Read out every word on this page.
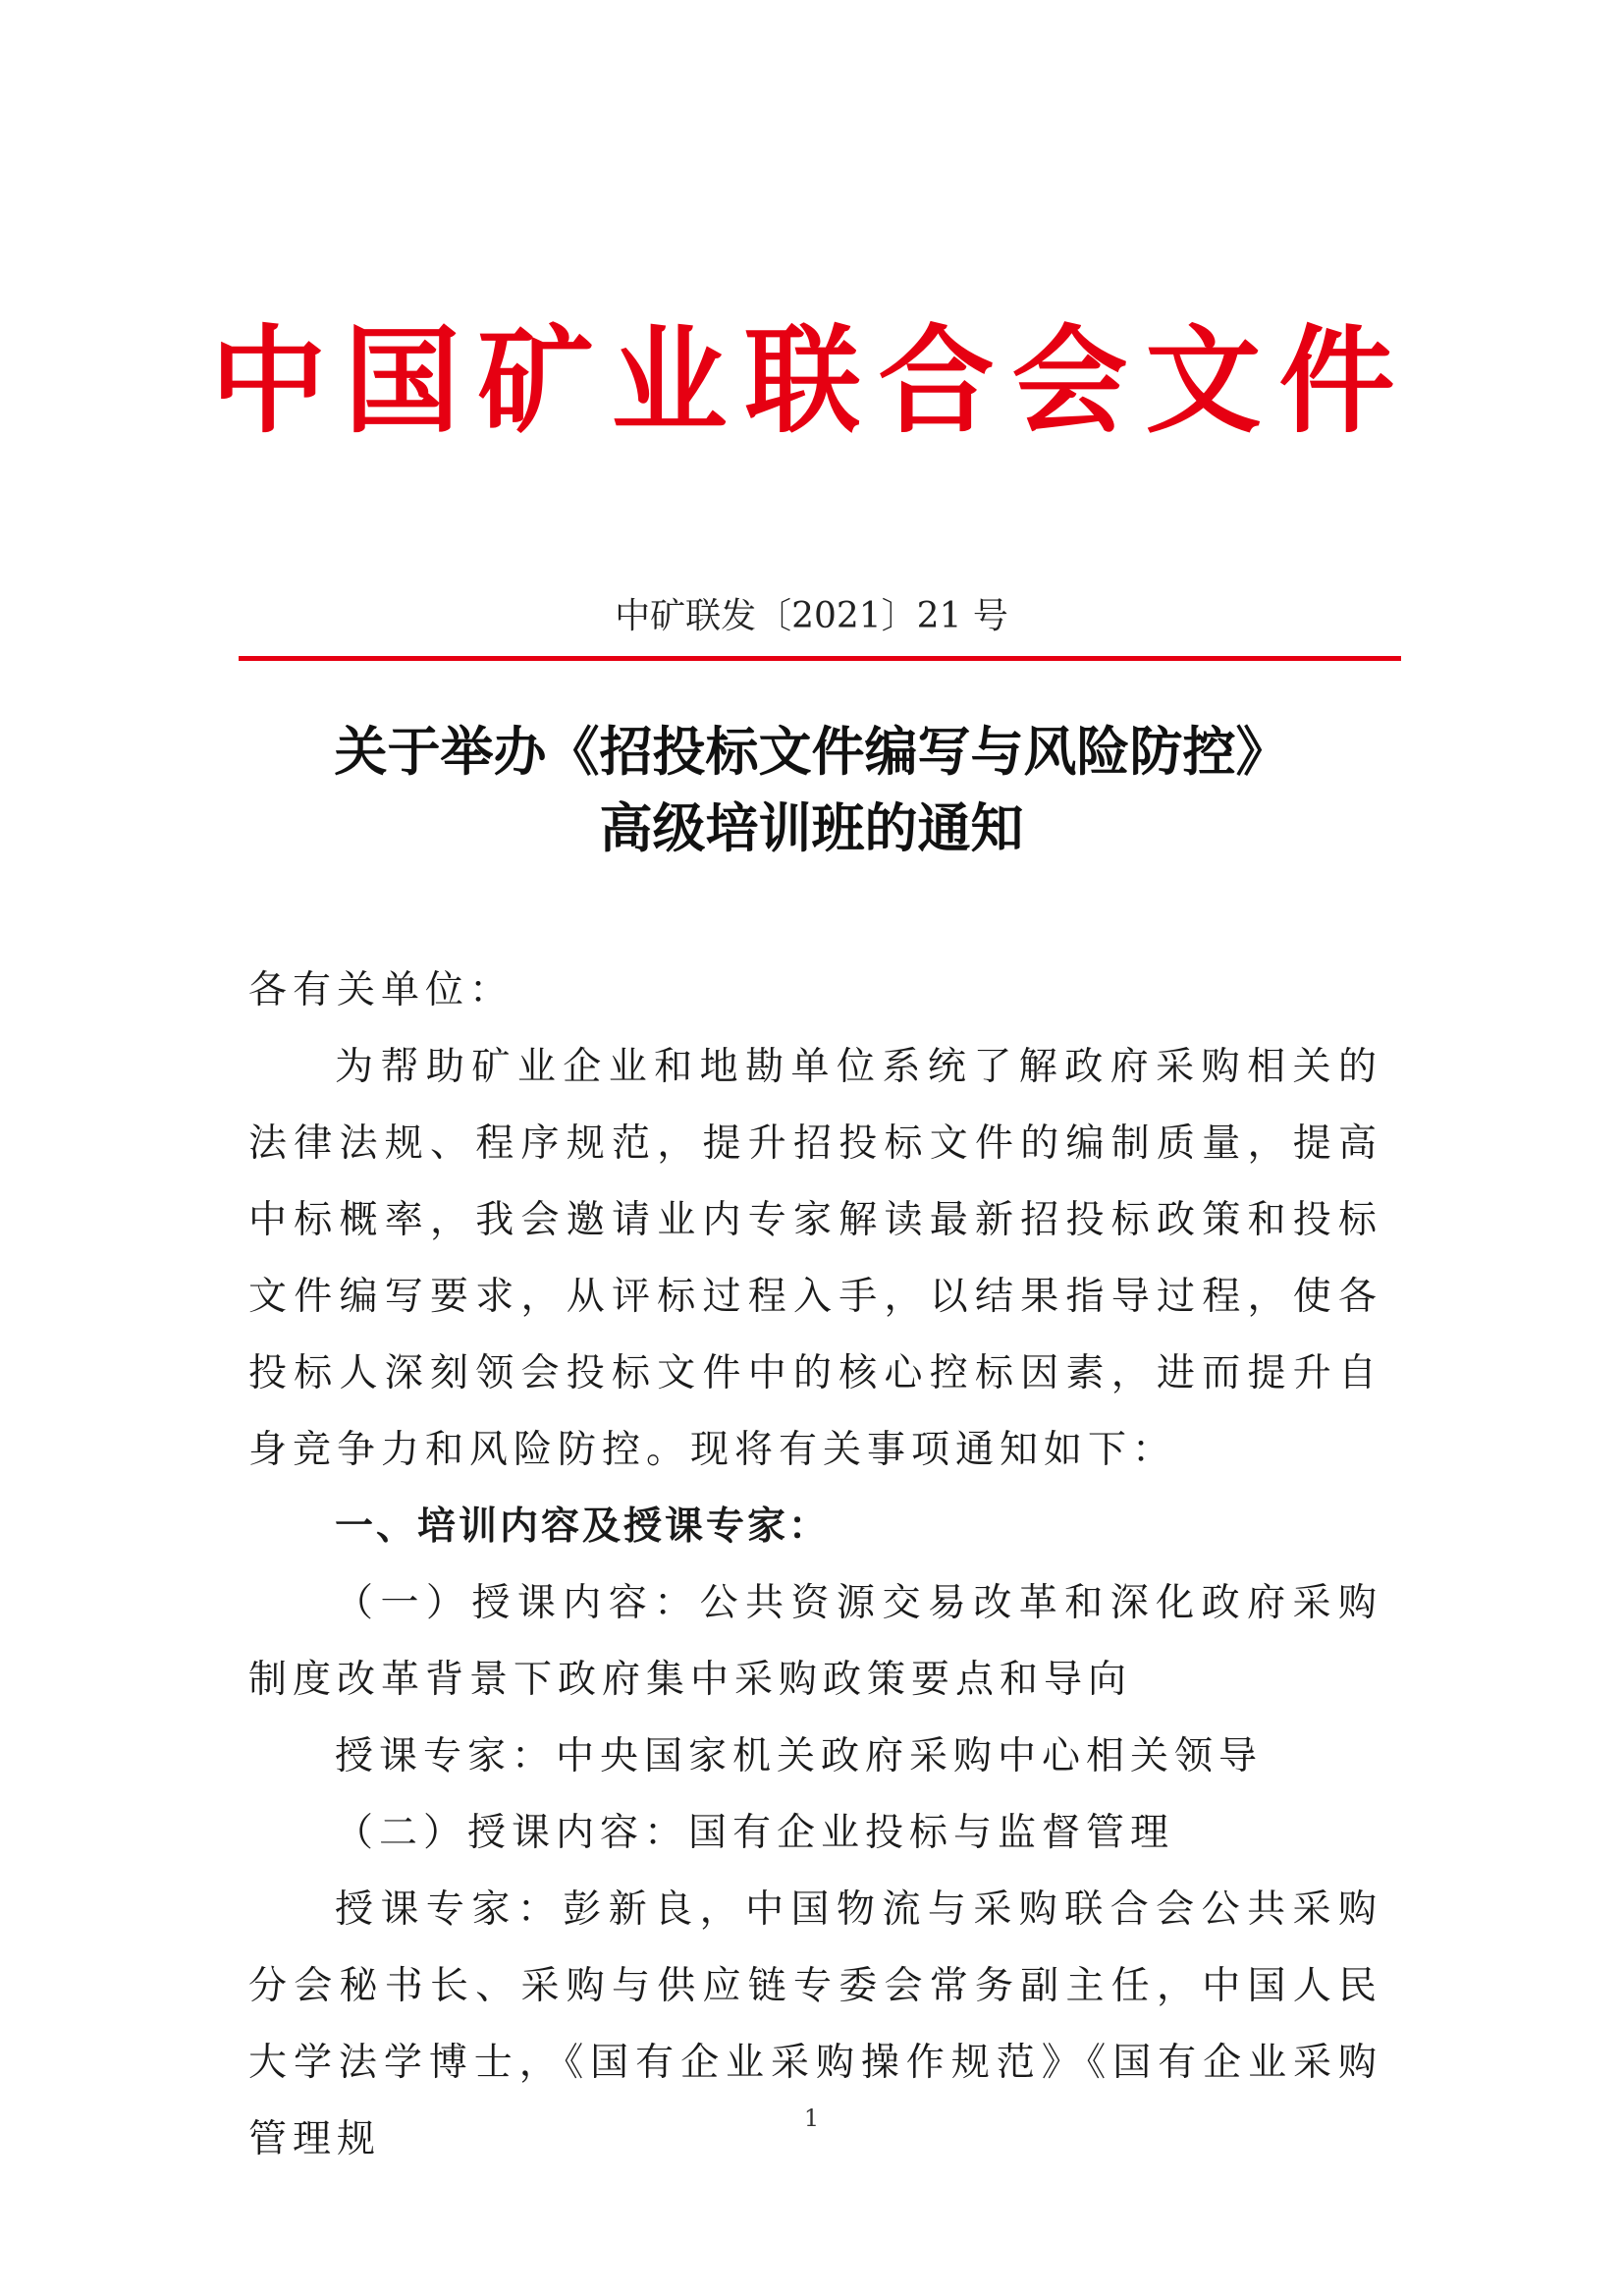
中国矿业联合会文件
中矿联发〔2021〕21 号
关于举办《招投标文件编写与风险防控》
高级培训班的通知

各有关单位：

为帮助矿业企业和地勘单位系统了解政府采购相关的法律法规、程序规范，提升招投标文件的编制质量，提高中标概率，我会邀请业内专家解读最新招投标政策和投标文件编写要求，从评标过程入手，以结果指导过程，使各投标人深刻领会投标文件中的核心控标因素，进而提升自身竞争力和风险防控。现将有关事项通知如下：

一、培训内容及授课专家：

（一）授课内容：公共资源交易改革和深化政府采购制度改革背景下政府集中采购政策要点和导向

授课专家：中央国家机关政府采购中心相关领导

（二）授课内容：国有企业投标与监督管理

授课专家：彭新良，中国物流与采购联合会公共采购分会秘书长、采购与供应链专委会常务副主任，中国人民大学法学博士，《国有企业采购操作规范》《国有企业采购管理规	1
